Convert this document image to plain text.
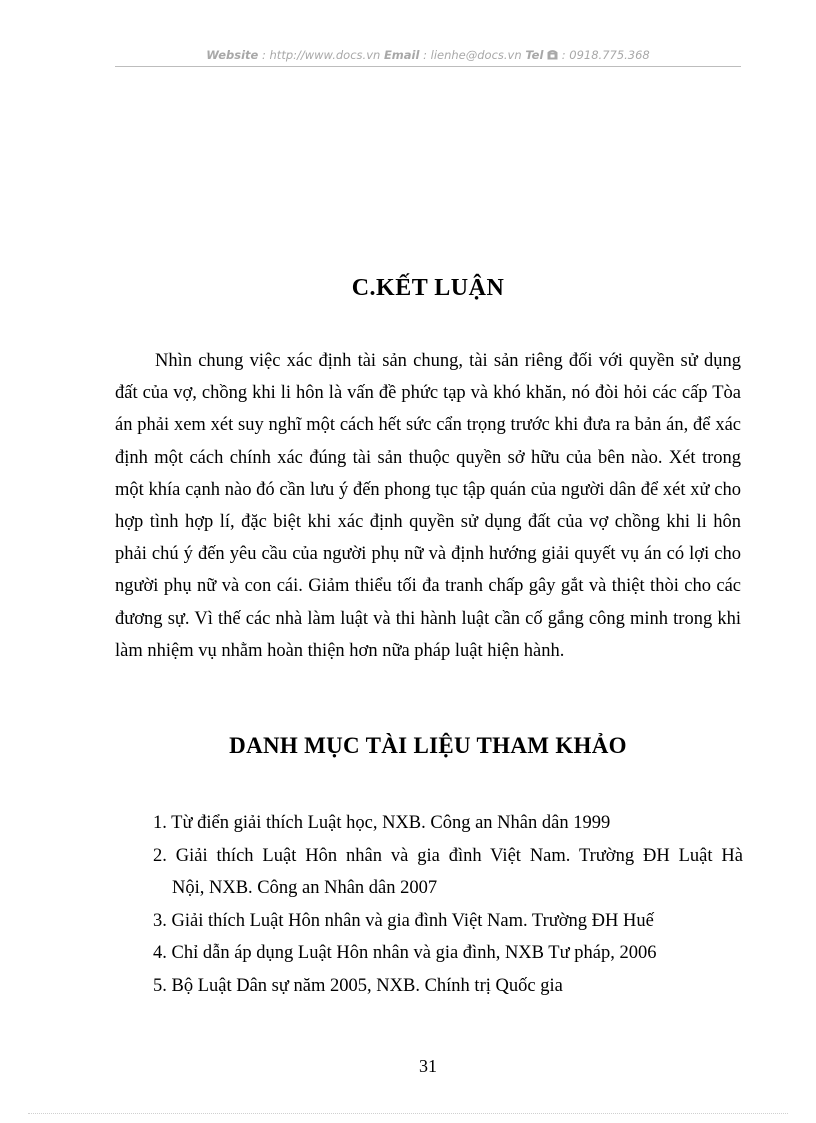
Website : http://www.docs.vn Email : lienhe@docs.vn Tel  : 0918.775.368
C.KẾT LUẬN

Nhìn chung việc xác định tài sản chung, tài sản riêng đối với quyền sử dụng đất của vợ, chồng khi li hôn là vấn đề phức tạp và khó khăn, nó đòi hỏi các cấp Tòa án phải xem xét suy nghĩ một cách hết sức cẩn trọng trước khi đưa ra bản án, để xác định một cách chính xác đúng tài sản thuộc quyền sở hữu của bên nào. Xét trong một khía cạnh nào đó cần lưu ý đến phong tục tập quán của người dân để xét xử cho hợp tình hợp lí, đặc biệt khi xác định quyền sử dụng đất của vợ chồng khi li hôn phải chú ý đến yêu cầu của người phụ nữ và định hướng giải quyết vụ án có lợi cho người phụ nữ và con cái. Giảm thiểu tối đa tranh chấp gây gắt và thiệt thòi cho các đương sự. Vì thế các nhà làm luật và thi hành luật cần cố gắng công minh trong khi làm nhiệm vụ nhằm hoàn thiện hơn nữa pháp luật hiện hành.

DANH MỤC TÀI LIỆU THAM KHẢO
1. Từ điển giải thích Luật học, NXB. Công an Nhân dân 1999
2. Giải thích Luật Hôn nhân và gia đình Việt Nam. Trường ĐH Luật Hà
Nội, NXB. Công an Nhân dân 2007
3. Giải thích Luật Hôn nhân và gia đình Việt Nam. Trường ĐH Huế
4. Chỉ dẫn áp dụng Luật Hôn nhân và gia đình, NXB Tư pháp, 2006
5. Bộ Luật Dân sự năm 2005, NXB. Chính trị Quốc gia
31
